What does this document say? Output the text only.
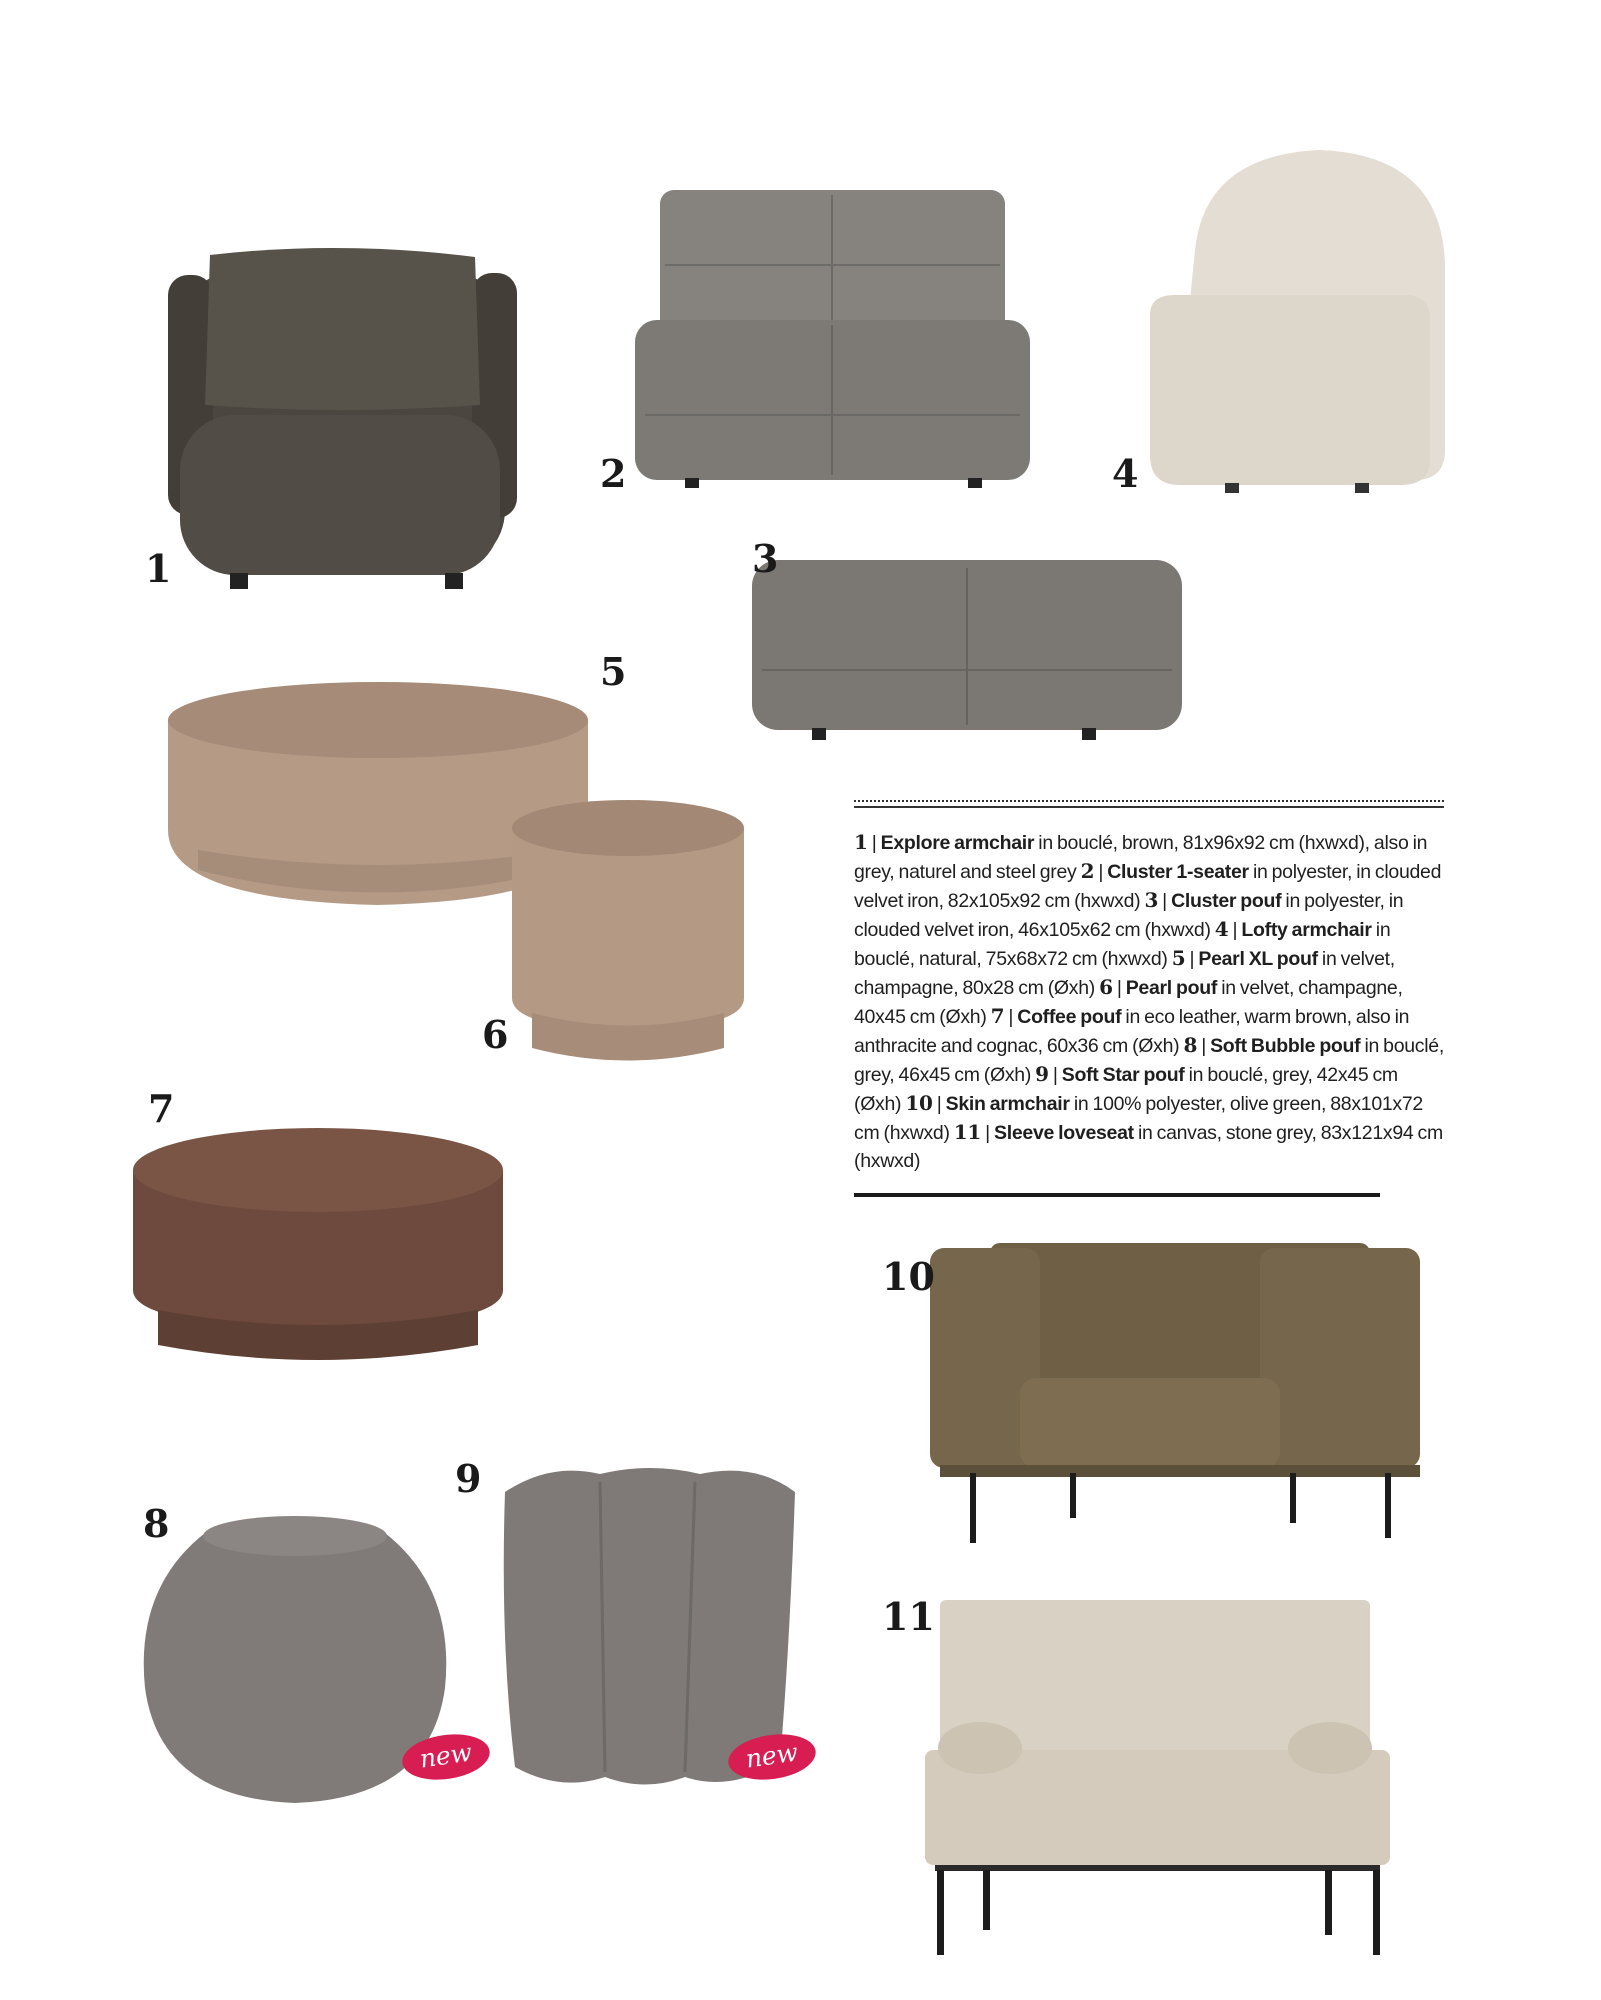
1
2	4
3
5
6
7
1 | Explore armchair in bouclé, brown, 81x96x92 cm (hxwxd), also in grey, naturel and steel grey 2 | Cluster 1-seater in polyester, in clouded velvet iron, 82x105x92 cm (hxwxd) 3 | Cluster pouf in polyester, in clouded velvet iron, 46x105x62 cm (hxwxd) 4 | Lofty armchair in bouclé, natural, 75x68x72 cm (hxwxd) 5 | Pearl XL pouf in velvet, champagne, 80x28 cm (Øxh) 6 | Pearl pouf in velvet, champagne, 40x45 cm (Øxh) 7 | Coffee pouf in eco leather, warm brown, also in anthracite and cognac, 60x36 cm (Øxh) 8 | Soft Bubble pouf in bouclé, grey, 46x45 cm (Øxh) 9 | Soft Star pouf in bouclé, grey, 42x45 cm (Øxh) 10 | Skin armchair in 100% polyester, olive green, 88x101x72 cm (hxwxd) 11 | Sleeve loveseat in canvas, stone grey, 83x121x94 cm (hxwxd)
10
8
new
9
new
11
